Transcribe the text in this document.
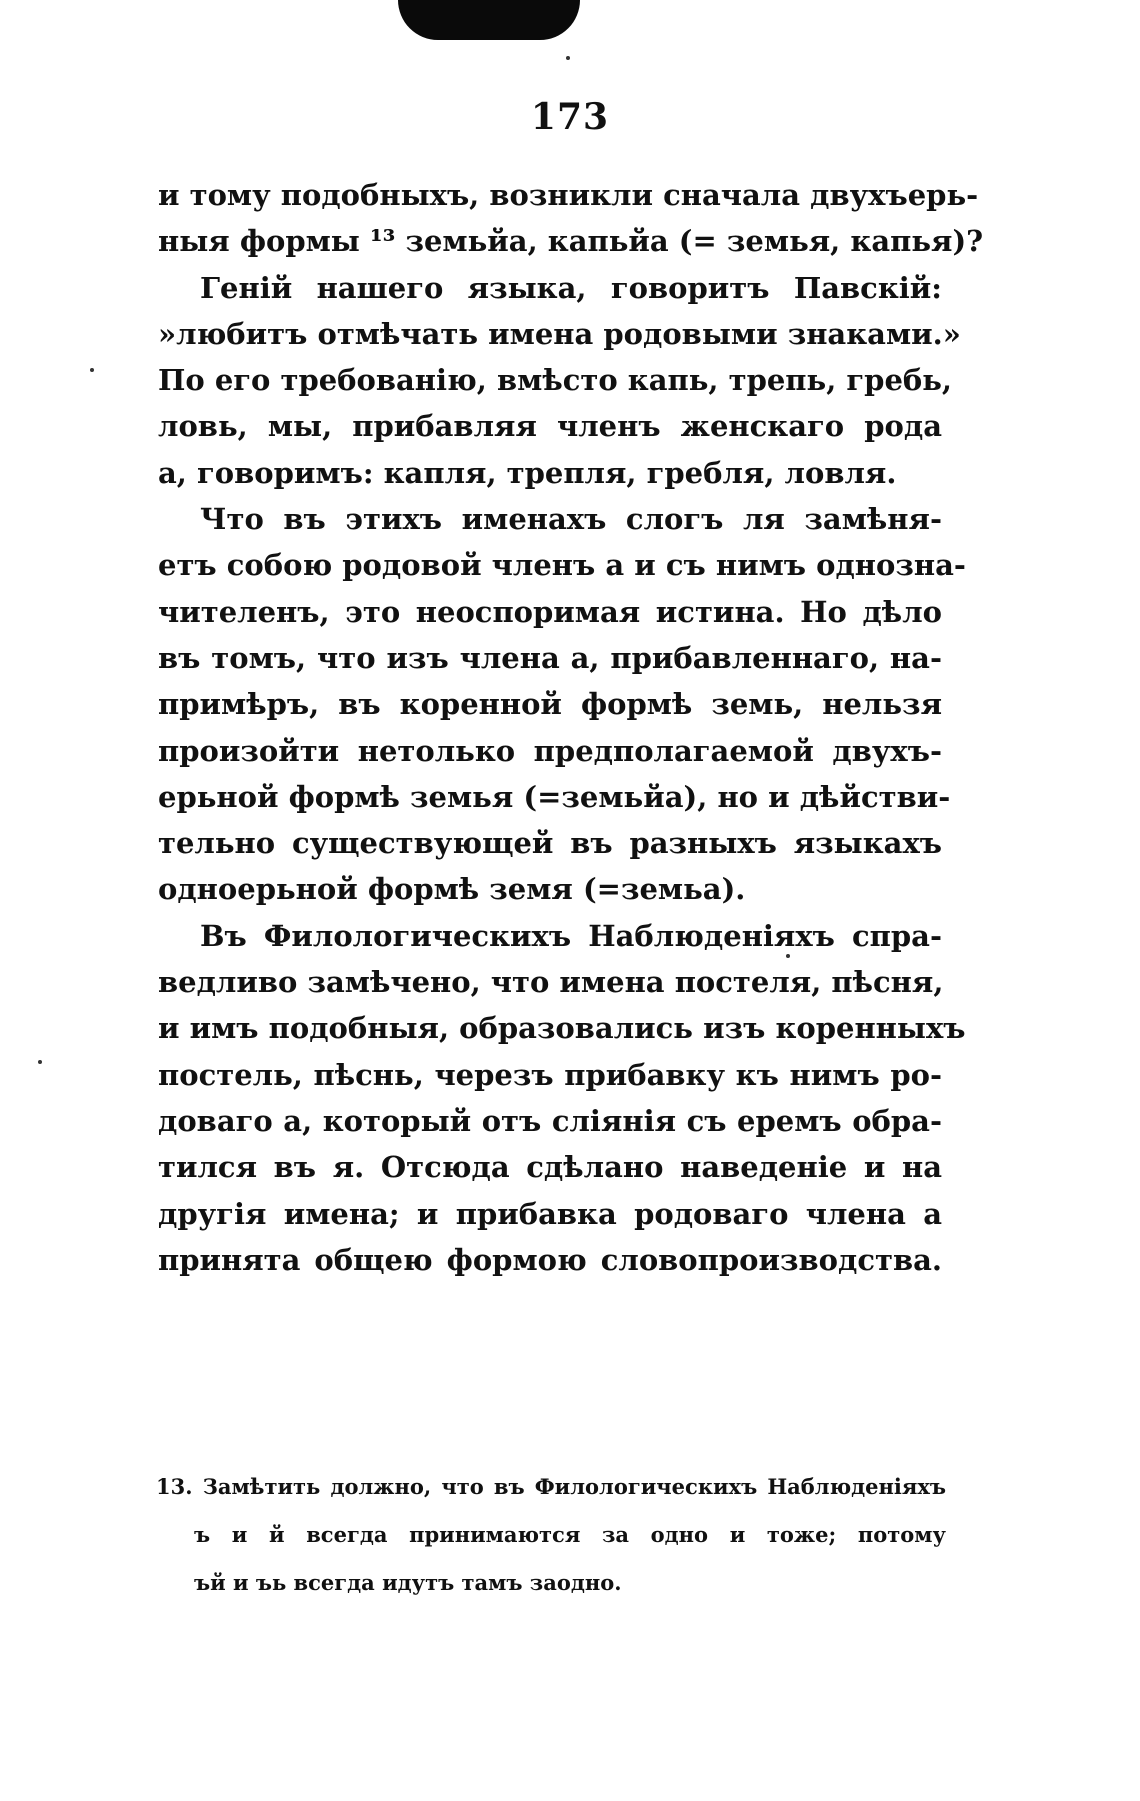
173
и тому подобныхъ, возникли сначала двухъерь-
ныя формы ¹³ земьйа, капьйа (= земья, капья)?
Генiй нашего языка, говоритъ Павскiй:
»любитъ отмѣчать имена родовыми знаками.»
По его требованiю, вмѣсто капь, трепь, гребь,
ловь, мы, прибавляя членъ женскаго рода
а, говоримъ: капля, трепля, гребля, ловля.
Что въ этихъ именахъ слогъ ля замѣня-
етъ собою родовой членъ а и съ нимъ однозна-
чителенъ, это неоспоримая истина. Но дѣло
въ томъ, что изъ члена а, прибавленнаго, на-
примѣръ, въ коренной формѣ земь, нельзя
произойти нетолько предполагаемой двухъ-
ерьной формѣ земья (=земьйа), но и дѣйстви-
тельно существующей въ разныхъ языкахъ
одноерьной формѣ земя (=земьа).
Въ Филологическихъ Наблюденiяхъ спра-
ведливо замѣчено, что имена постеля, пѣсня,
и имъ подобныя, образовались изъ коренныхъ
постель, пѣснь, черезъ прибавку къ нимъ ро-
доваго а, который отъ слiянiя съ еремъ обра-
тился въ я. Отсюда сдѣлано наведенiе и на
другiя имена; и прибавка родоваго члена а
принята общею формою словопроизводства.
13. Замѣтить должно, что въ Филологическихъ Наблюденiяхъ
ъ и й всегда принимаются за одно и тоже; потому
ъй и ъь всегда идутъ тамъ заодно.
